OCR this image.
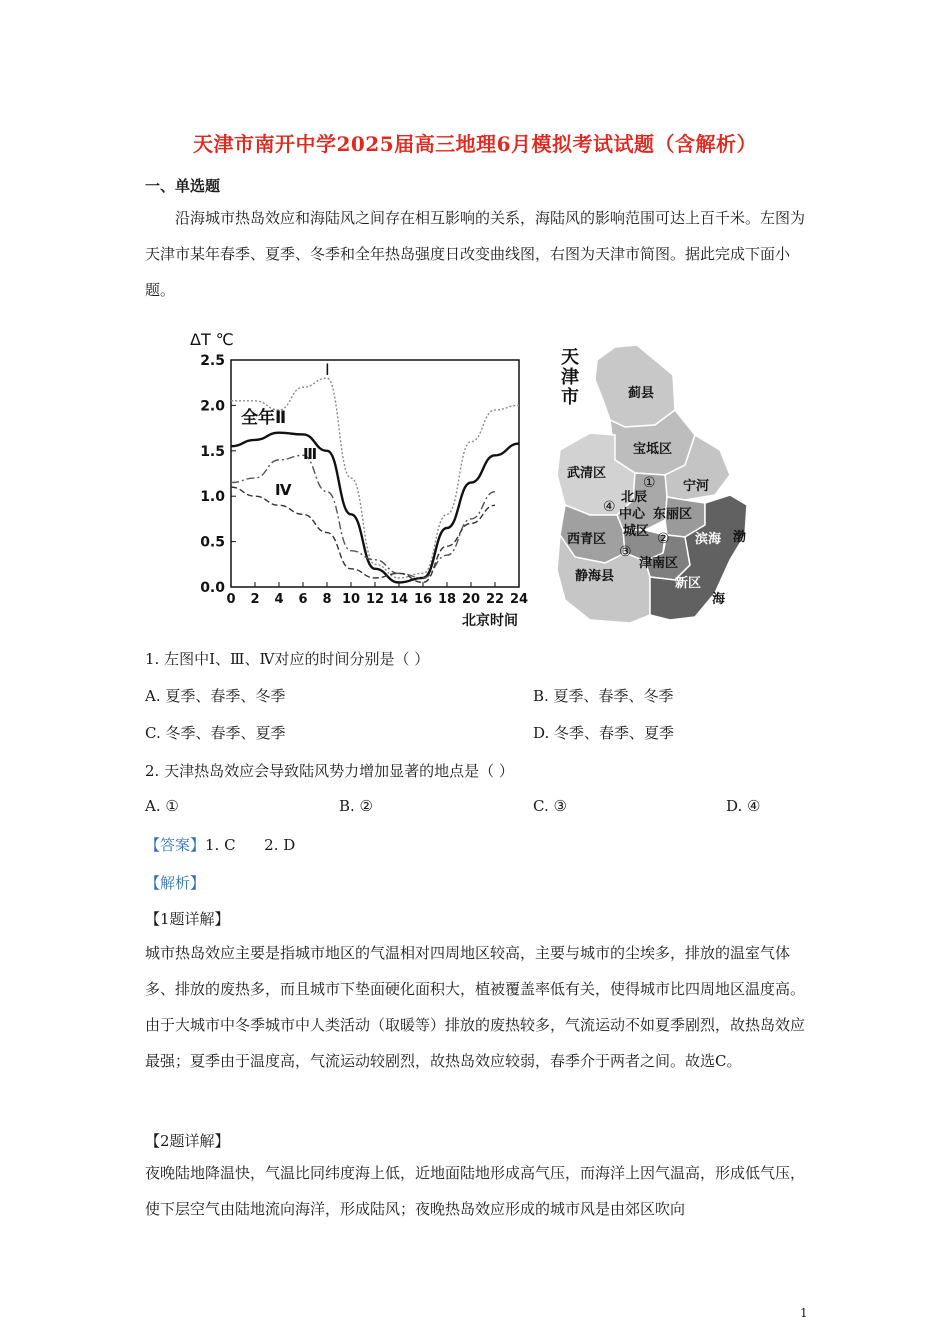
天津市南开中学2025届高三地理6月模拟考试试题（含解析）
一、单选题
沿海城市热岛效应和海陆风之间存在相互影响的关系，海陆风的影响范围可达上百千米。左图为天津市某年春季、夏季、冬季和全年热岛强度日改变曲线图，右图为天津市简图。据此完成下面小题。
ΔT ℃
北京时间
0.0
0.5
1.0
1.5
2.0
2.5
0 2 4 6 8 10 12 14 16 18 20 22 24
Ⅰ
全年Ⅱ
Ⅲ
Ⅳ
天 津 市	蓟县
宝坻区
武清区
宁河
北辰
中心 东丽区
西青区
城区
津南区
静海县
滨海
新区
渤
海
①
②
③
④
1. 左图中Ⅰ、Ⅲ、Ⅳ对应的时间分别是（ ）
A. 夏季、春季、冬季	B. 夏季、春季、冬季
C. 冬季、春季、夏季	D. 冬季、春季、夏季
2. 天津热岛效应会导致陆风势力增加显著的地点是（ ）
A. ①	B. ②	C. ③	D. ④
【答案】1. C      2. D
【解析】
【1题详解】
城市热岛效应主要是指城市地区的气温相对四周地区较高，主要与城市的尘埃多，排放的温室气体多、排放的废热多，而且城市下垫面硬化面积大，植被覆盖率低有关，使得城市比四周地区温度高。由于大城市中冬季城市中人类活动（取暖等）排放的废热较多，气流运动不如夏季剧烈，故热岛效应最强；夏季由于温度高，气流运动较剧烈，故热岛效应较弱，春季介于两者之间。故选C。
【2题详解】
夜晚陆地降温快，气温比同纬度海上低，近地面陆地形成高气压，而海洋上因气温高，形成低气压，使下层空气由陆地流向海洋，形成陆风；夜晚热岛效应形成的城市风是由郊区吹向
1
